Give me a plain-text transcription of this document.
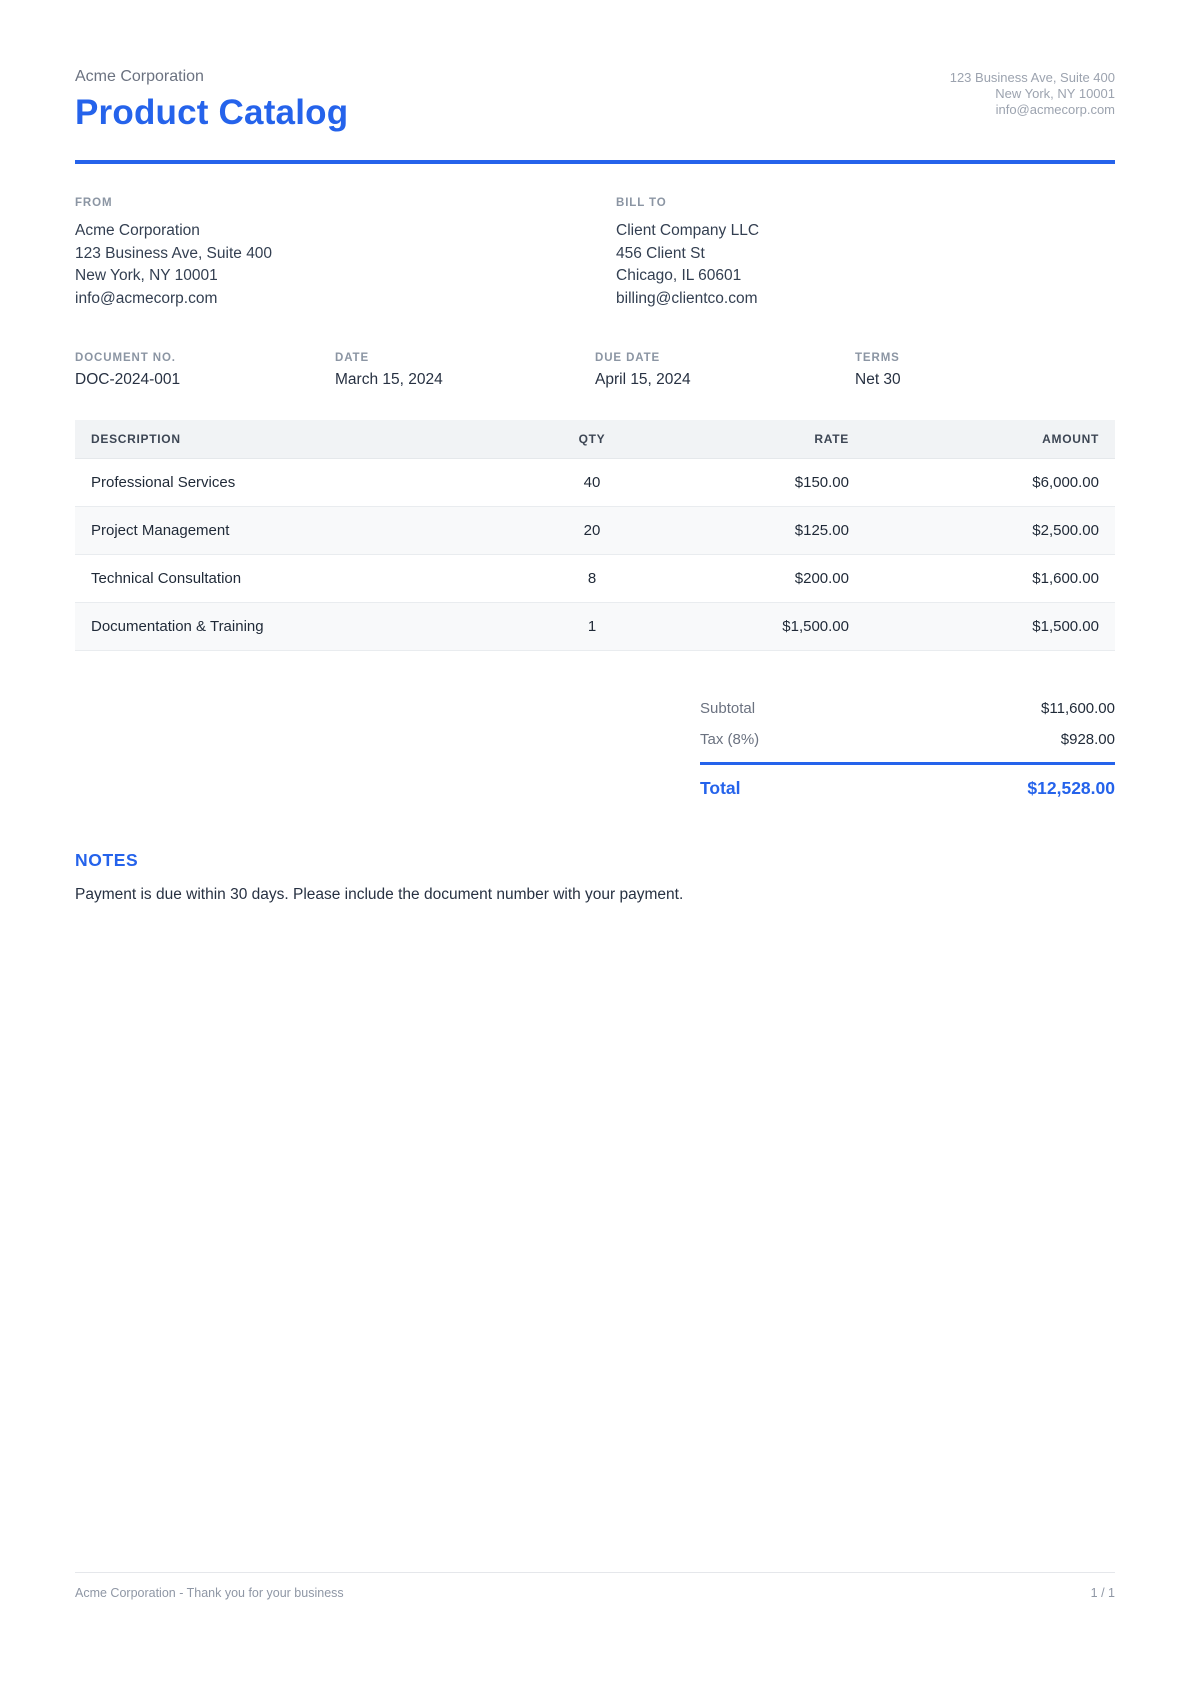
Acme Corporation
Product Catalog
123 Business Ave, Suite 400
New York, NY 10001
info@acmecorp.com
FROM
Acme Corporation
123 Business Ave, Suite 400
New York, NY 10001
info@acmecorp.com
BILL TO
Client Company LLC
456 Client St
Chicago, IL 60601
billing@clientco.com
DOCUMENT NO.
DOC-2024-001
DATE
March 15, 2024
DUE DATE
April 15, 2024
TERMS
Net 30
DESCRIPTION	QTY	RATE	AMOUNT
Professional Services	40	$150.00	$6,000.00
Project Management	20	$125.00	$2,500.00
Technical Consultation	8	$200.00	$1,600.00
Documentation & Training	1	$1,500.00	$1,500.00
Subtotal	$11,600.00
Tax (8%)	$928.00
Total	$12,528.00
NOTES
Payment is due within 30 days. Please include the document number with your payment.
Acme Corporation - Thank you for your business	1 / 1
